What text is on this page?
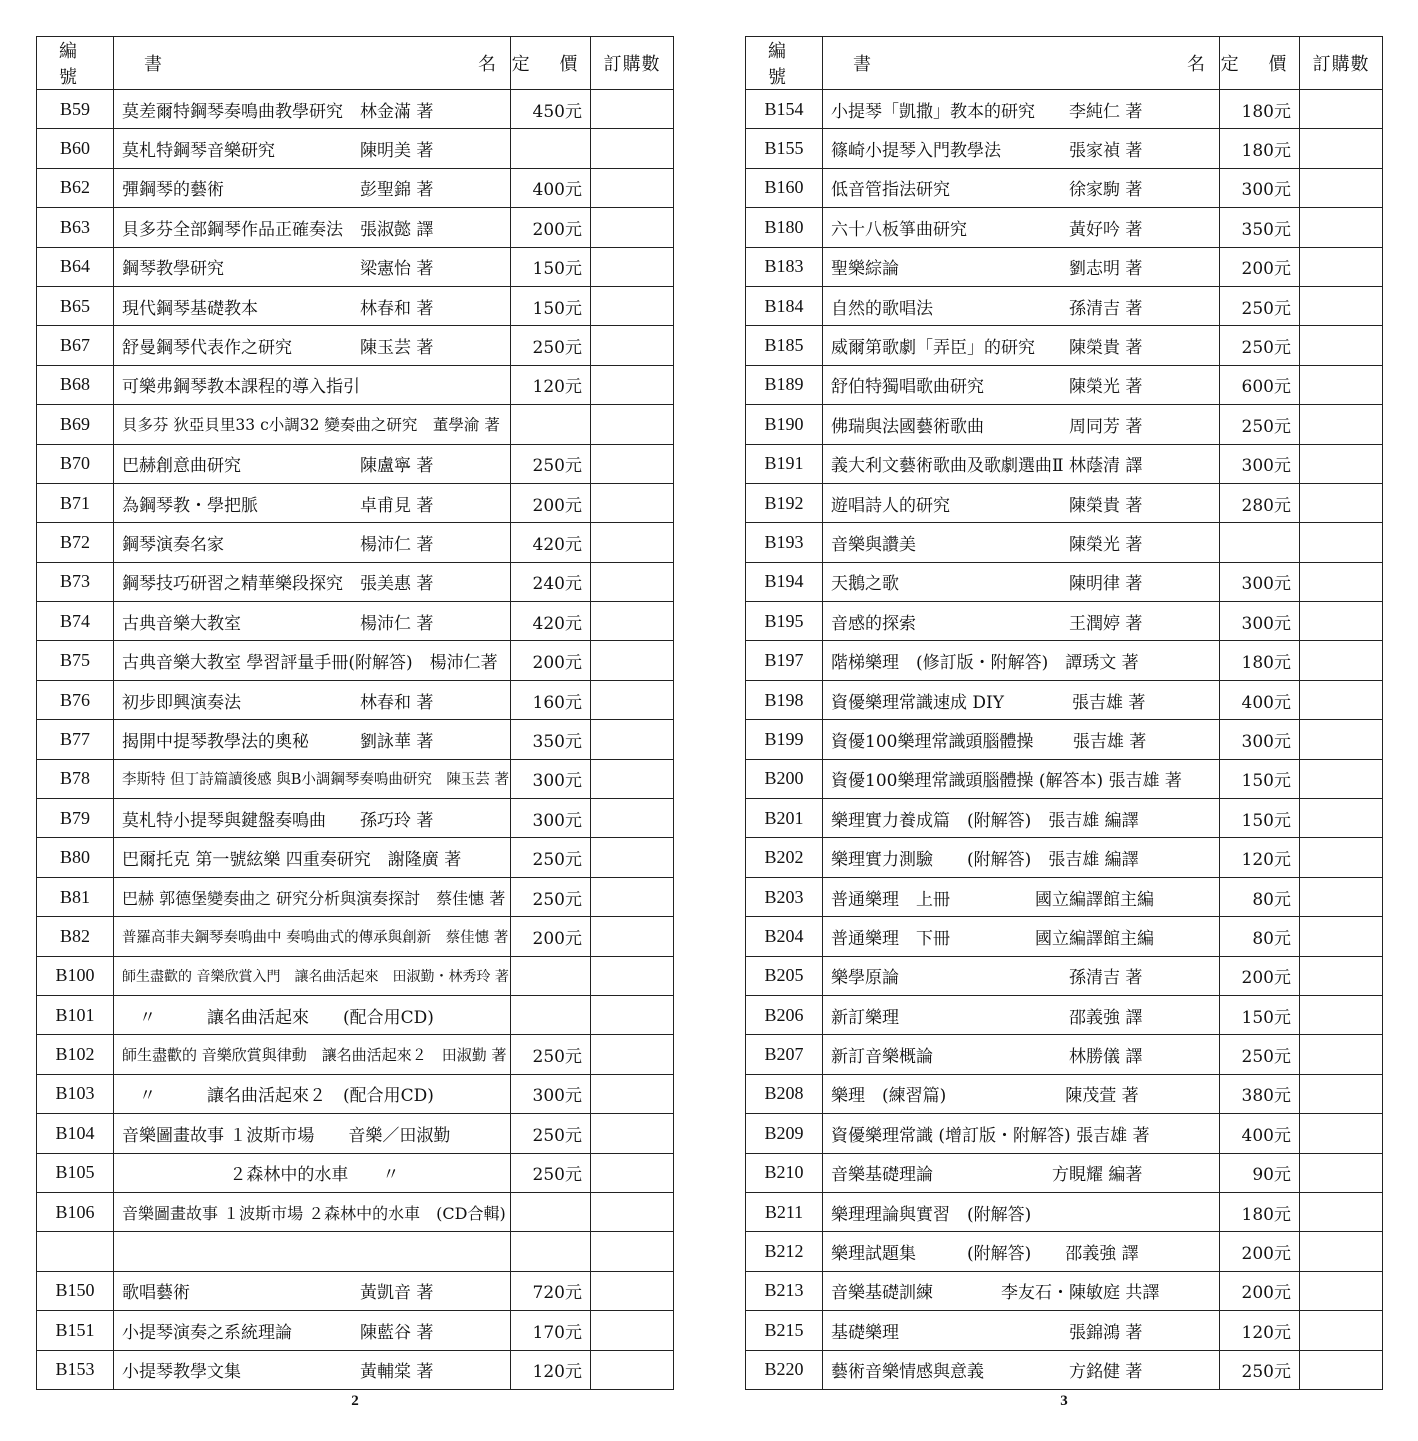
編 號	書 名	定 價	訂購數
B59	莫差爾特鋼琴奏鳴曲教學研究　林金滿 著	450元	
B60	莫札特鋼琴音樂研究　　　　　陳明美 著		
B62	彈鋼琴的藝術　　　　　　　　彭聖錦 著	400元	
B63	貝多芬全部鋼琴作品正確奏法　張淑懿 譯	200元	
B64	鋼琴教學研究　　　　　　　　梁憲怡 著	150元	
B65	現代鋼琴基礎教本　　　　　　林春和 著	150元	
B67	舒曼鋼琴代表作之研究　　　　陳玉芸 著	250元	
B68	可樂弗鋼琴教本課程的導入指引	120元	
B69	貝多芬 狄亞貝里33 c小調32 變奏曲之研究　董學渝 著		
B70	巴赫創意曲研究　　　　　　　陳盧寧 著	250元	
B71	為鋼琴教・學把脈　　　　　　卓甫見 著	200元	
B72	鋼琴演奏名家　　　　　　　　楊沛仁 著	420元	
B73	鋼琴技巧研習之精華樂段探究　張美惠 著	240元	
B74	古典音樂大教室　　　　　　　楊沛仁 著	420元	
B75	古典音樂大教室 學習評量手冊(附解答)　楊沛仁著	200元	
B76	初步即興演奏法　　　　　　　林春和 著	160元	
B77	揭開中提琴教學法的奧秘　　　劉詠華 著	350元	
B78	李斯特 但丁詩篇讀後感 與B小調鋼琴奏鳴曲研究　陳玉芸 著	300元	
B79	莫札特小提琴與鍵盤奏鳴曲　　孫巧玲 著	300元	
B80	巴爾托克 第一號絃樂 四重奏研究　謝隆廣 著	250元	
B81	巴赫 郭德堡變奏曲之 研究分析與演奏探討　蔡佳憓 著	250元	
B82	普羅高菲夫鋼琴奏鳴曲中 奏鳴曲式的傳承與創新　蔡佳憓 著	200元	
B100	師生盡歡的 音樂欣賞入門　讓名曲活起來　田淑勤・林秀玲 著		
B101	　〃　　　讓名曲活起來　　(配合用CD)		
B102	師生盡歡的 音樂欣賞與律動　讓名曲活起來２　田淑勤 著	250元	
B103	　〃　　　讓名曲活起來２　(配合用CD)	300元	
B104	音樂圖畫故事 １波斯市場　　音樂／田淑勤	250元	
B105	　　　　　　 ２森林中的水車　　〃	250元	
B106	音樂圖畫故事 １波斯市場 ２森林中的水車　(CD合輯)		

B150	歌唱藝術　　　　　　　　　　黃凱音 著	720元	
B151	小提琴演奏之系統理論　　　　陳藍谷 著	170元	
B153	小提琴教學文集　　　　　　　黃輔棠 著	120元	
編 號	書 名	定 價	訂購數
B154	小提琴「凱撒」教本的研究　　李純仁 著	180元	
B155	篠崎小提琴入門教學法　　　　張家禎 著	180元	
B160	低音管指法研究　　　　　　　徐家駒 著	300元	
B180	六十八板箏曲研究　　　　　　黃好吟 著	350元	
B183	聖樂綜論　　　　　　　　　　劉志明 著	200元	
B184	自然的歌唱法　　　　　　　　孫清吉 著	250元	
B185	威爾第歌劇「弄臣」的研究　　陳榮貴 著	250元	
B189	舒伯特獨唱歌曲研究　　　　　陳榮光 著	600元	
B190	佛瑞與法國藝術歌曲　　　　　周同芳 著	250元	
B191	義大利文藝術歌曲及歌劇選曲Ⅱ 林蔭清 譯	300元	
B192	遊唱詩人的研究　　　　　　　陳榮貴 著	280元	
B193	音樂與讚美　　　　　　　　　陳榮光 著		
B194	天鵝之歌　　　　　　　　　　陳明律 著	300元	
B195	音感的探索　　　　　　　　　王潤婷 著	300元	
B197	階梯樂理　(修訂版・附解答)　譚琇文 著	180元	
B198	資優樂理常識速成 DIY　　　　張吉雄 著	400元	
B199	資優100樂理常識頭腦體操　　 張吉雄 著	300元	
B200	資優100樂理常識頭腦體操 (解答本) 張吉雄 著	150元	
B201	樂理實力養成篇　(附解答)　張吉雄 編譯	150元	
B202	樂理實力測驗　　(附解答)　張吉雄 編譯	120元	
B203	普通樂理　上冊　　　　　國立編譯館主編	80元	
B204	普通樂理　下冊　　　　　國立編譯館主編	80元	
B205	樂學原論　　　　　　　　　　孫清吉 著	200元	
B206	新訂樂理　　　　　　　　　　邵義強 譯	150元	
B207	新訂音樂概論　　　　　　　　林勝儀 譯	250元	
B208	樂理　(練習篇)　　　　　　　陳茂萱 著	380元	
B209	資優樂理常識 (增訂版・附解答) 張吉雄 著	400元	
B210	音樂基礎理論　　　　　　　方睍耀 編著	90元	
B211	樂理理論與實習　(附解答)	180元	
B212	樂理試題集　　　(附解答)　　邵義強 譯	200元	
B213	音樂基礎訓練　　　　李友石・陳敏庭 共譯	200元	
B215	基礎樂理　　　　　　　　　　張錦鴻 著	120元	
B220	藝術音樂情感與意義　　　　　方銘健 著	250元	
2	3
